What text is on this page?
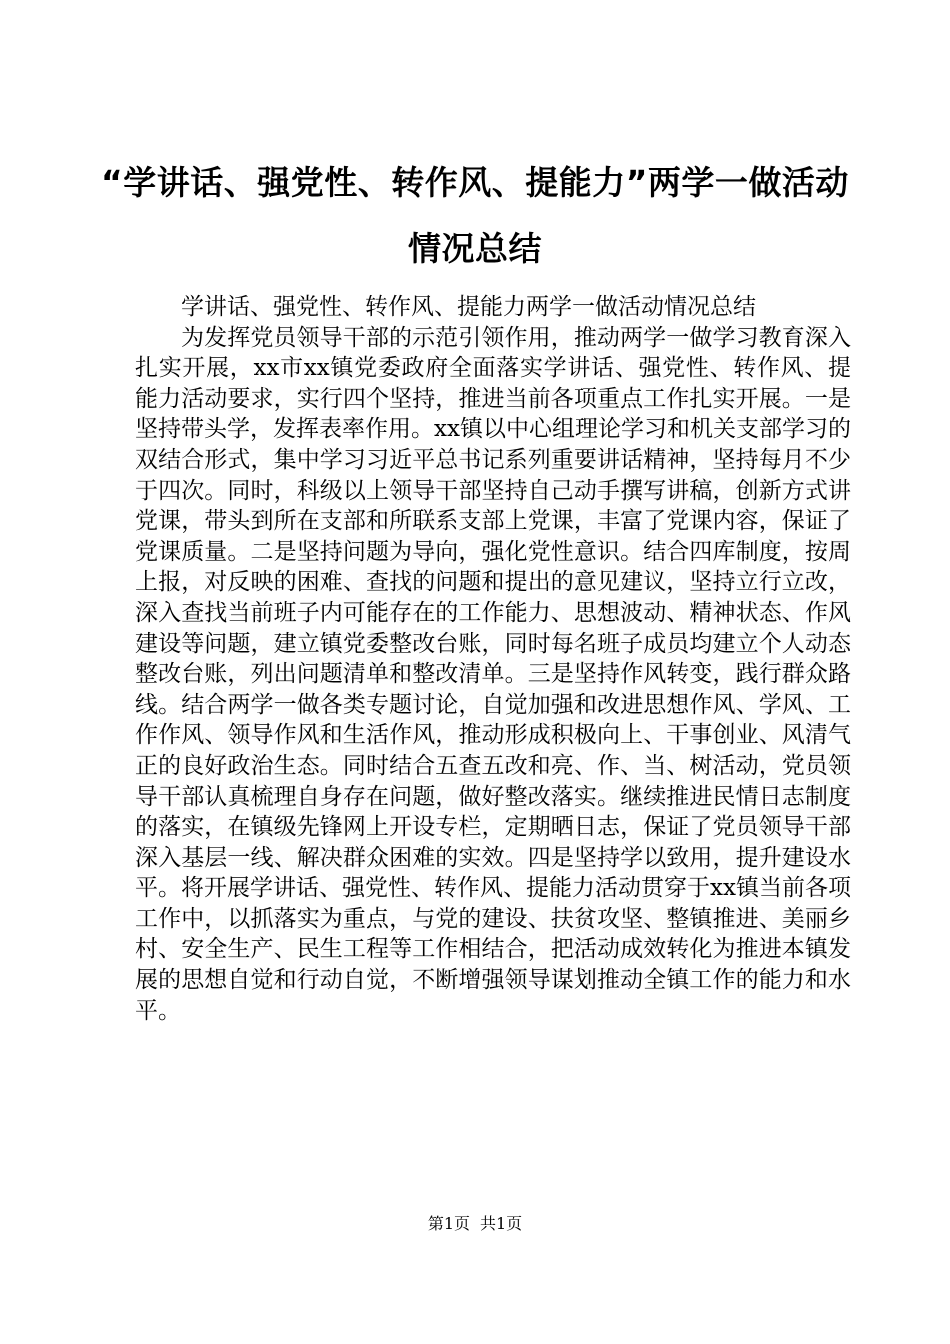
“学讲话、强党性、转作风、提能力”两学一做活动情况总结

学讲话、强党性、转作风、提能力两学一做活动情况总结

为发挥党员领导干部的示范引领作用，推动两学一做学习教育深入扎实开展，xx市xx镇党委政府全面落实学讲话、强党性、转作风、提能力活动要求，实行四个坚持，推进当前各项重点工作扎实开展。一是坚持带头学，发挥表率作用。xx镇以中心组理论学习和机关支部学习的双结合形式，集中学习习近平总书记系列重要讲话精神，坚持每月不少于四次。同时，科级以上领导干部坚持自己动手撰写讲稿，创新方式讲党课，带头到所在支部和所联系支部上党课，丰富了党课内容，保证了党课质量。二是坚持问题为导向，强化党性意识。结合四库制度，按周上报，对反映的困难、查找的问题和提出的意见建议，坚持立行立改，深入查找当前班子内可能存在的工作能力、思想波动、精神状态、作风建设等问题，建立镇党委整改台账，同时每名班子成员均建立个人动态整改台账，列出问题清单和整改清单。三是坚持作风转变，践行群众路线。结合两学一做各类专题讨论，自觉加强和改进思想作风、学风、工作作风、领导作风和生活作风，推动形成积极向上、干事创业、风清气正的良好政治生态。同时结合五查五改和亮、作、当、树活动，党员领导干部认真梳理自身存在问题，做好整改落实。继续推进民情日志制度的落实，在镇级先锋网上开设专栏，定期晒日志，保证了党员领导干部深入基层一线、解决群众困难的实效。四是坚持学以致用，提升建设水平。将开展学讲话、强党性、转作风、提能力活动贯穿于xx镇当前各项工作中，以抓落实为重点，与党的建设、扶贫攻坚、整镇推进、美丽乡村、安全生产、民生工程等工作相结合，把活动成效转化为推进本镇发展的思想自觉和行动自觉，不断增强领导谋划推动全镇工作的能力和水平。

第1页 共1页
